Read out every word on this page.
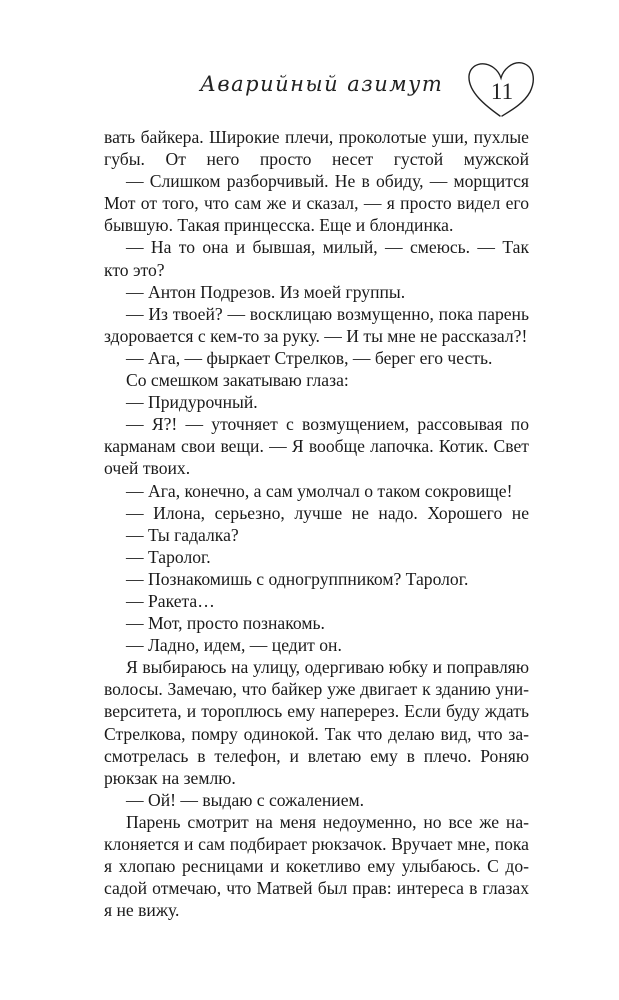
Аварийный азимут	11
вать байкера. Широкие плечи, проколотые уши, пухлые
губы. От него просто несет густой мужской
— Слишком разборчивый. Не в обиду, — морщится
Мот от того, что сам же и сказал, — я просто видел его
бывшую. Такая принцесска. Еще и блондинка.
— На то она и бывшая, милый, — смеюсь. — Так
кто это?
— Антон Подрезов. Из моей группы.
— Из твоей? — восклицаю возмущенно, пока парень
здоровается с кем-то за руку. — И ты мне не рассказал?!
— Ага, — фыркает Стрелков, — берег его честь.
Со смешком закатываю глаза:
— Придурочный.
— Я?! — уточняет с возмущением, рассовывая по
карманам свои вещи. — Я вообще лапочка. Котик. Свет
очей твоих.
— Ага, конечно, а сам умолчал о таком сокровище!
— Илона, серьезно, лучше не надо. Хорошего не
— Ты гадалка?
— Таролог.
— Познакомишь с одногруппником? Таролог.
— Ракета…
— Мот, просто познакомь.
— Ладно, идем, — цедит он.
Я выбираюсь на улицу, одергиваю юбку и поправляю
волосы. Замечаю, что байкер уже двигает к зданию уни-
верситета, и тороплюсь ему наперерез. Если буду ждать
Стрелкова, помру одинокой. Так что делаю вид, что за-
смотрелась в телефон, и влетаю ему в плечо. Роняю
рюкзак на землю.
— Ой! — выдаю с сожалением.
Парень смотрит на меня недоуменно, но все же на-
клоняется и сам подбирает рюкзачок. Вручает мне, пока
я хлопаю ресницами и кокетливо ему улыбаюсь. С до-
садой отмечаю, что Матвей был прав: интереса в глазах
я не вижу.
